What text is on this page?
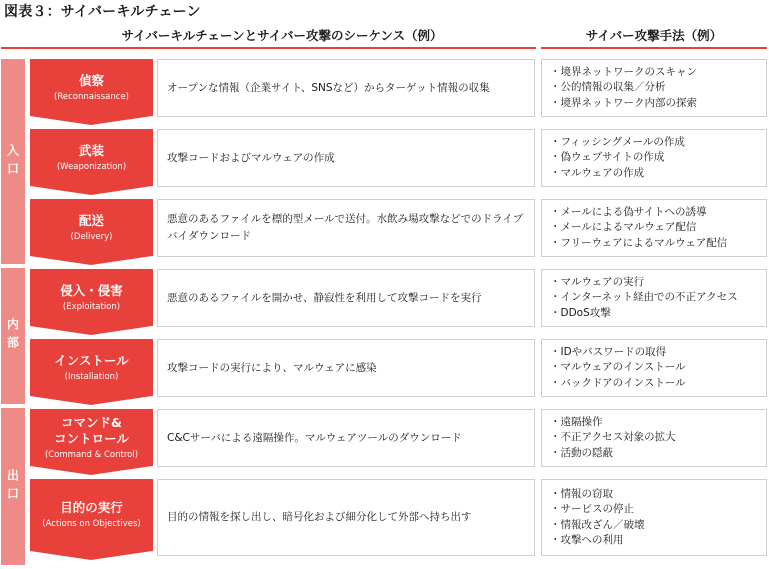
図表３：サイバーキルチェーン
サイバーキルチェーンとサイバー攻撃のシーケンス（例）	サイバー攻撃手法（例）
入口
内部
出口
偵察
(Reconnaissance)
オープンな情報（企業サイト、SNSなど）からターゲット情報の収集
・ 境界ネットワークのスキャン
・ 公的情報の収集／分析
・ 境界ネットワーク内部の探索
武装
(Weaponization)
攻撃コードおよびマルウェアの作成
・ フィッシングメールの作成
・ 偽ウェブサイトの作成
・ マルウェアの作成
配送
(Delivery)
悪意のあるファイルを標的型メールで送付。水飲み場攻撃などでのドライブバイダウンロード
・ メールによる偽サイトへの誘導
・ メールによるマルウェア配信
・ フリーウェアによるマルウェア配信
侵入・侵害
(Exploitation)
悪意のあるファイルを開かせ、静寂性を利用して攻撃コードを実行
・ マルウェアの実行
・ インターネット経由での不正アクセス
・ DDoS攻撃
インストール
(Installation)
攻撃コードの実行により、マルウェアに感染
・ IDやパスワードの取得
・ マルウェアのインストール
・ バックドアのインストール
コマンド&
コントロール
(Command & Control)
C&Cサーバによる遠隔操作。マルウェアツールのダウンロード
・ 遠隔操作
・ 不正アクセス対象の拡大
・ 活動の隠蔽
目的の実行
(Actions on Objectives)
目的の情報を探し出し、暗号化および細分化して外部へ持ち出す
・ 情報の窃取
・ サービスの停止
・ 情報改ざん／破壊
・ 攻撃への利用
